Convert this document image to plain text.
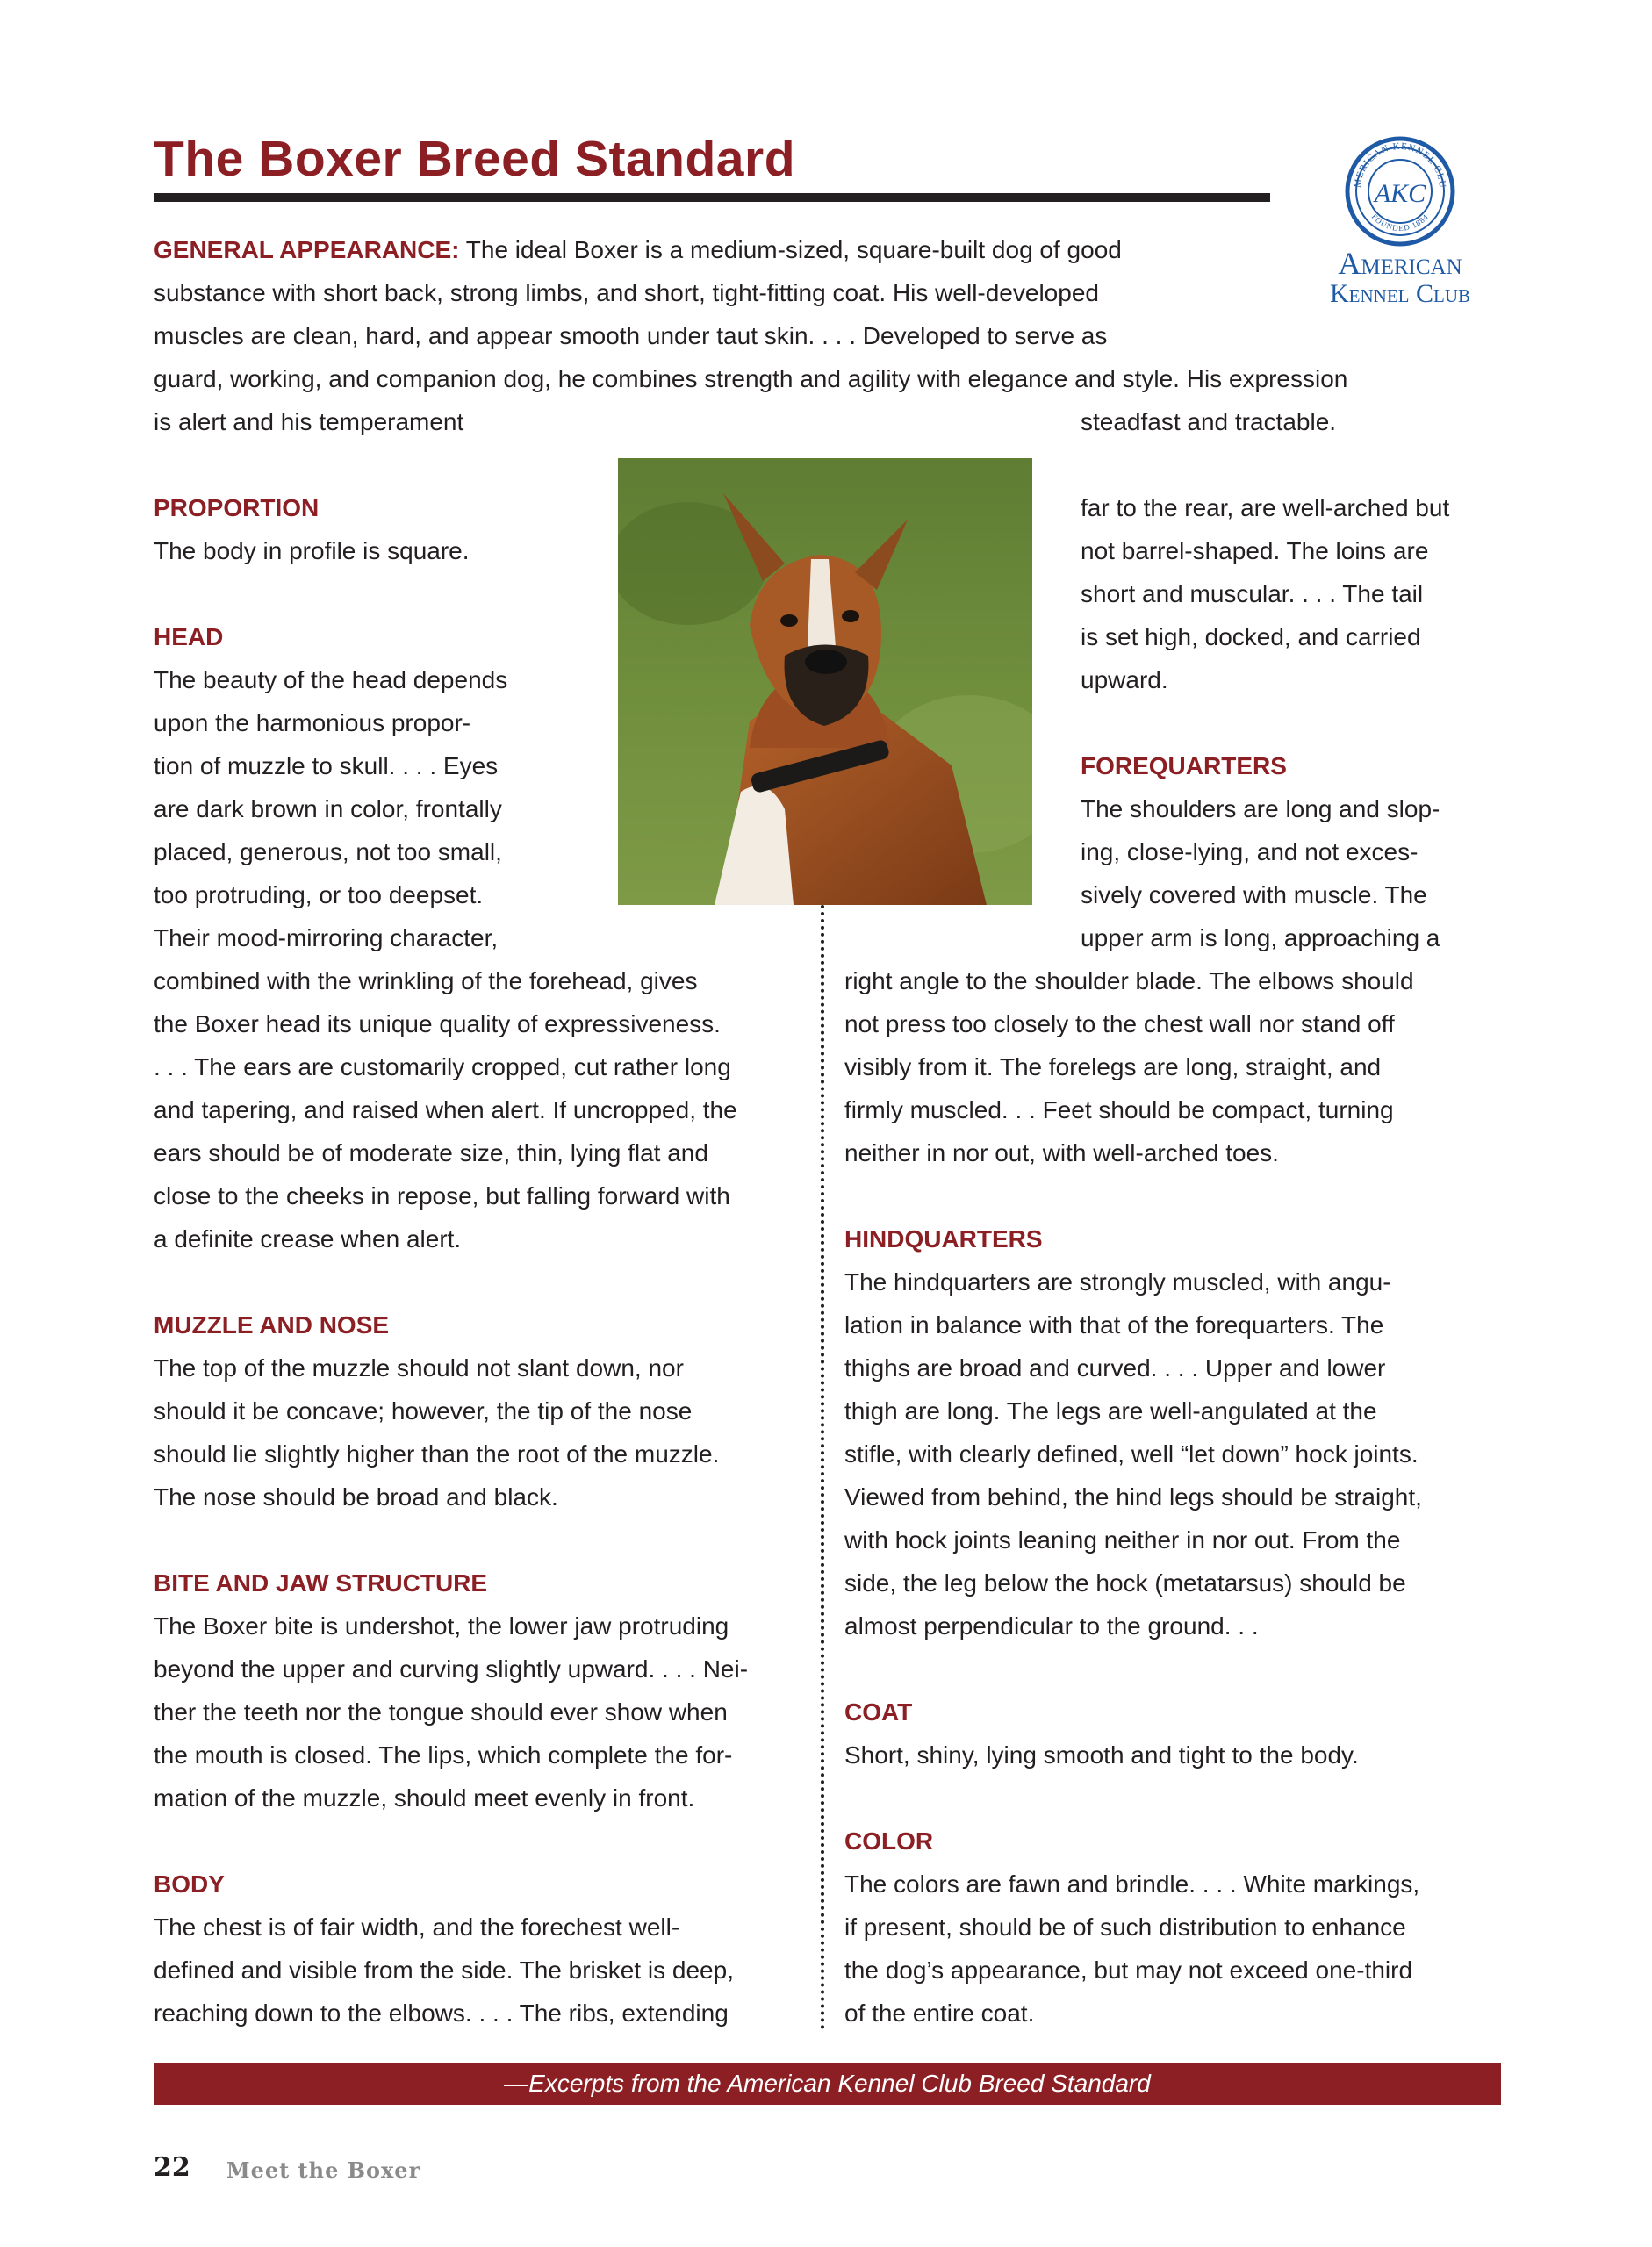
The Boxer Breed Standard	MERICAN KENNEL CLU
FOUNDED 1884
AKC
American
Kennel Club
GENERAL APPEARANCE: The ideal Boxer is a medium-sized, square-built dog of good
substance with short back, strong limbs, and short, tight-fitting coat. His well-developed
muscles are clean, hard, and appear smooth under taut skin. . . . Developed to serve as
guard, working, and companion dog, he combines strength and agility with elegance and style. His expression
is alert and his temperament	steadfast and tractable.
PROPORTION
The body in profile is square.
HEAD
The beauty of the head depends
upon the harmonious propor-
tion of muzzle to skull. . . . Eyes
are dark brown in color, frontally
placed, generous, not too small,
too protruding, or too deepset.
Their mood-mirroring character,
combined with the wrinkling of the forehead, gives
the Boxer head its unique quality of expressiveness.
. . . The ears are customarily cropped, cut rather long
and tapering, and raised when alert. If uncropped, the
ears should be of moderate size, thin, lying flat and
close to the cheeks in repose, but falling forward with
a definite crease when alert.
MUZZLE AND NOSE
The top of the muzzle should not slant down, nor
should it be concave; however, the tip of the nose
should lie slightly higher than the root of the muzzle.
The nose should be broad and black.
BITE AND JAW STRUCTURE
The Boxer bite is undershot, the lower jaw protruding
beyond the upper and curving slightly upward. . . . Nei-
ther the teeth nor the tongue should ever show when
the mouth is closed. The lips, which complete the for-
mation of the muzzle, should meet evenly in front.
BODY
The chest is of fair width, and the forechest well-
defined and visible from the side. The brisket is deep,
reaching down to the elbows. . . . The ribs, extending
far to the rear, are well-arched but
not barrel-shaped. The loins are
short and muscular. . . . The tail
is set high, docked, and carried
upward.
FOREQUARTERS
The shoulders are long and slop-
ing, close-lying, and not exces-
sively covered with muscle. The
upper arm is long, approaching a
right angle to the shoulder blade. The elbows should
not press too closely to the chest wall nor stand off
visibly from it. The forelegs are long, straight, and
firmly muscled. . . Feet should be compact, turning
neither in nor out, with well-arched toes.
HINDQUARTERS
The hindquarters are strongly muscled, with angu-
lation in balance with that of the forequarters. The
thighs are broad and curved. . . . Upper and lower
thigh are long. The legs are well-angulated at the
stifle, with clearly defined, well “let down” hock joints.
Viewed from behind, the hind legs should be straight,
with hock joints leaning neither in nor out. From the
side, the leg below the hock (metatarsus) should be
almost perpendicular to the ground. . .
COAT
Short, shiny, lying smooth and tight to the body.
COLOR
The colors are fawn and brindle. . . . White markings,
if present, should be of such distribution to enhance
the dog’s appearance, but may not exceed one-third
of the entire coat.
—Excerpts from the American Kennel Club Breed Standard
22 Meet the Boxer
